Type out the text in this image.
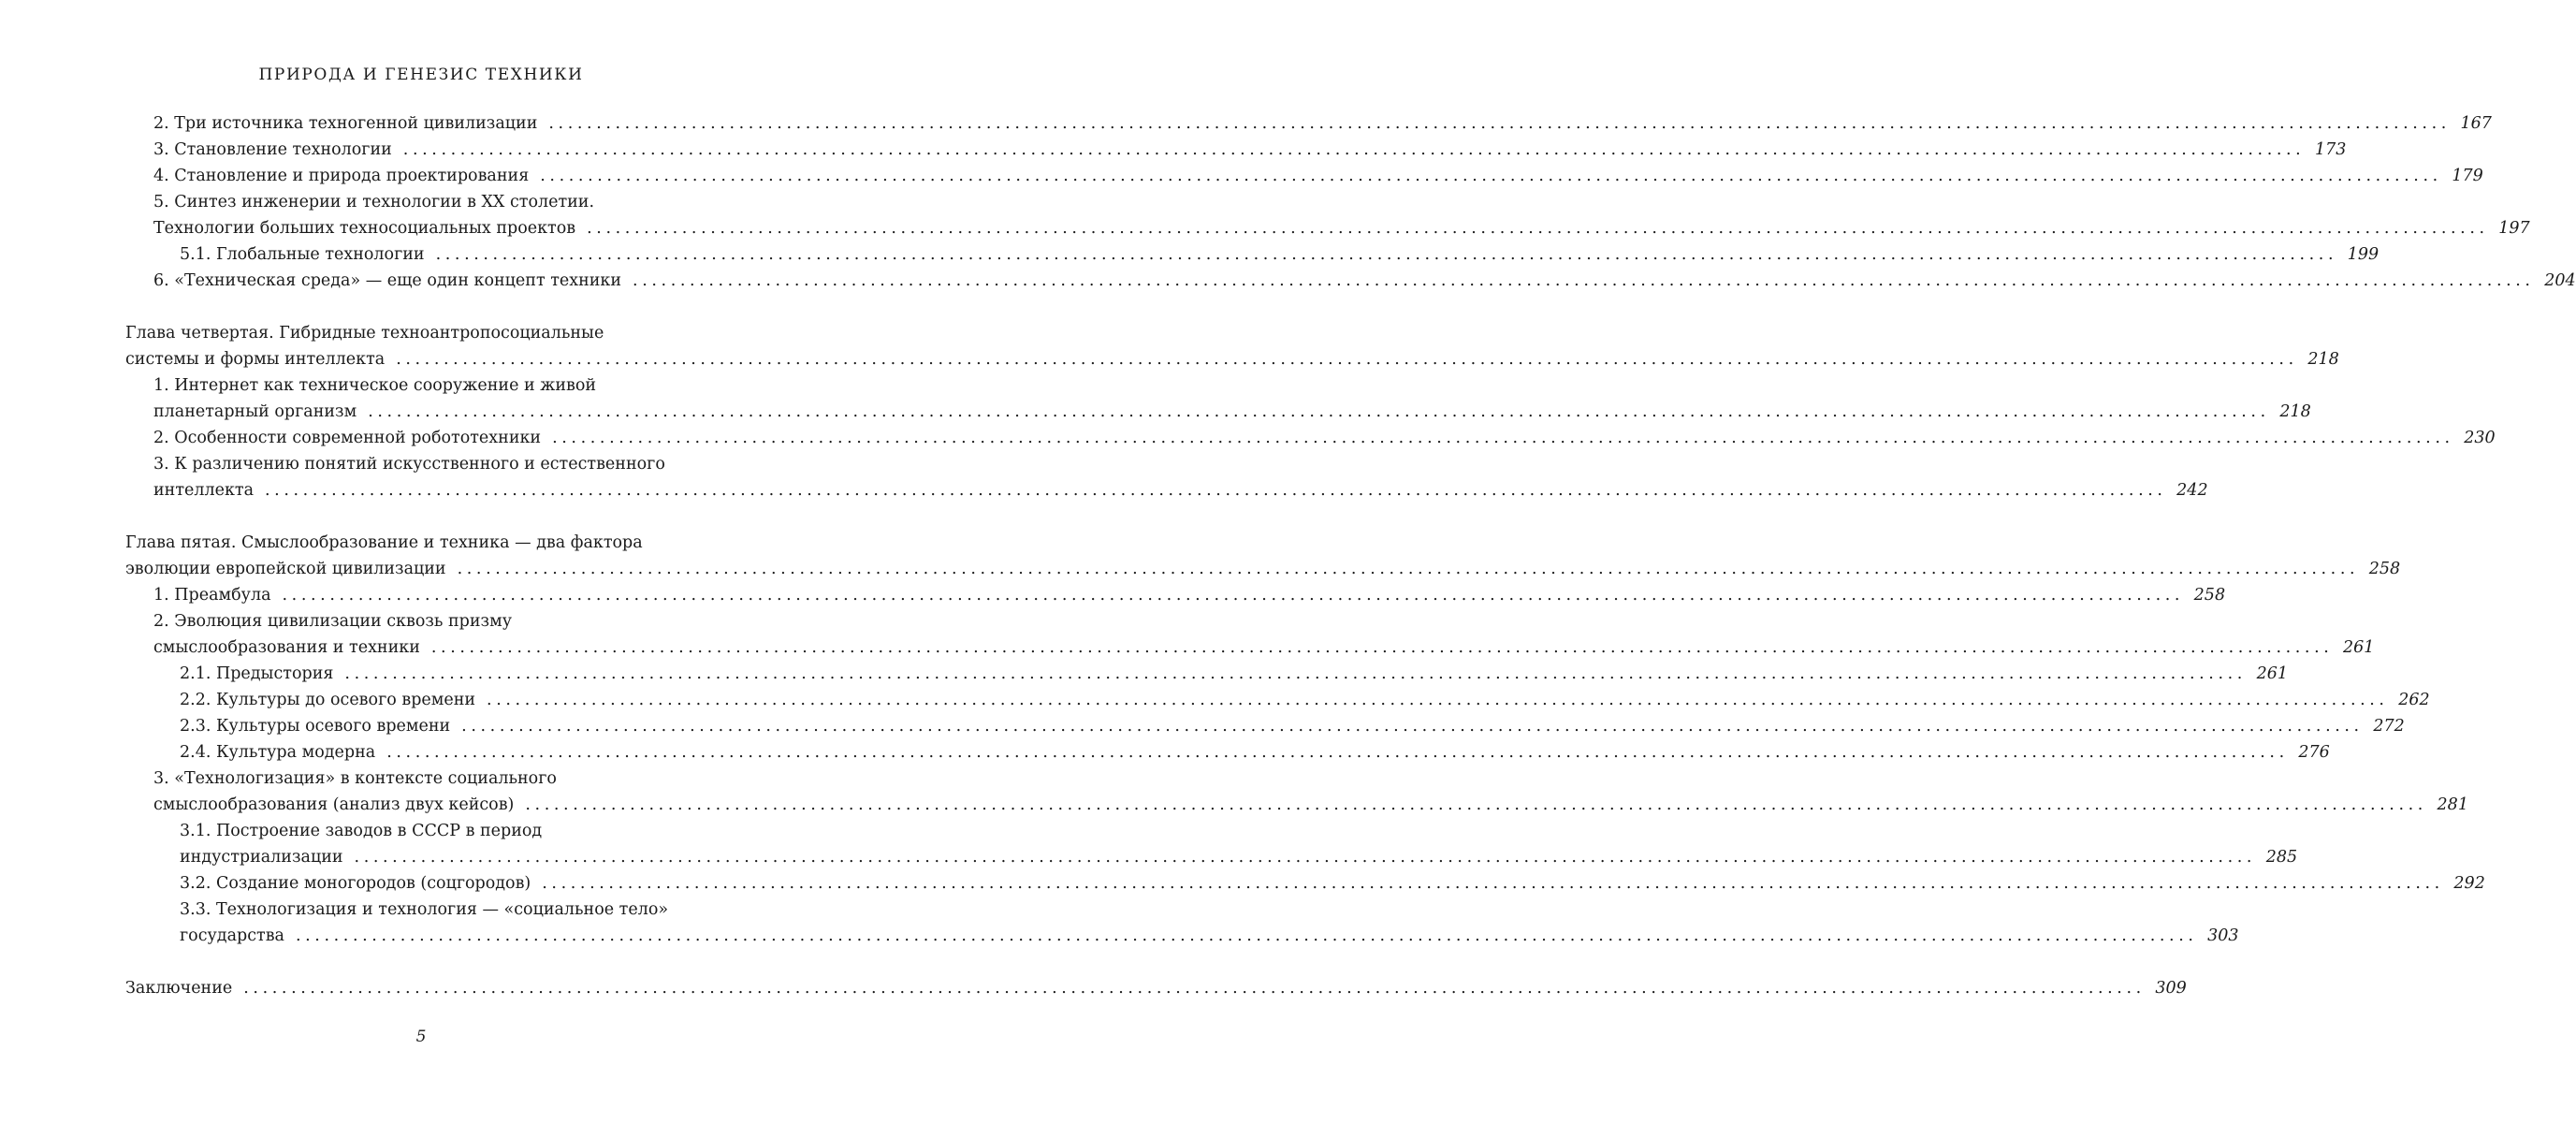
ПРИРОДА И ГЕНЕЗИС ТЕХНИКИ
2. Три источника техногенной цивилизации ........................................................................................................................................................................................................ 167
3. Становление технологии ........................................................................................................................................................................................................ 173
4. Становление и природа проектирования ........................................................................................................................................................................................................ 179
5. Синтез инженерии и технологии в XX столетии.
Технологии больших техносоциальных проектов ........................................................................................................................................................................................................ 197
5.1. Глобальные технологии ........................................................................................................................................................................................................ 199
6. «Техническая среда» — еще один концепт техники ........................................................................................................................................................................................................ 204
Глава четвертая. Гибридные техноантропосоциальные
системы и формы интеллекта ........................................................................................................................................................................................................ 218
1. Интернет как техническое сооружение и живой
планетарный организм ........................................................................................................................................................................................................ 218
2. Особенности современной робототехники ........................................................................................................................................................................................................ 230
3. К различению понятий искусственного и естественного
интеллекта ........................................................................................................................................................................................................ 242
Глава пятая. Смыслообразование и техника — два фактора
эволюции европейской цивилизации ........................................................................................................................................................................................................ 258
1. Преамбула ........................................................................................................................................................................................................ 258
2. Эволюция цивилизации сквозь призму
смыслообразования и техники ........................................................................................................................................................................................................ 261
2.1. Предыстория ........................................................................................................................................................................................................ 261
2.2. Культуры до осевого времени ........................................................................................................................................................................................................ 262
2.3. Культуры осевого времени ........................................................................................................................................................................................................ 272
2.4. Культура модерна ........................................................................................................................................................................................................ 276
3. «Технологизация» в контексте социального
смыслообразования (анализ двух кейсов) ........................................................................................................................................................................................................ 281
3.1. Построение заводов в СССР в период
индустриализации ........................................................................................................................................................................................................ 285
3.2. Создание моногородов (соцгородов) ........................................................................................................................................................................................................ 292
3.3. Технологизация и технология — «социальное тело»
государства ........................................................................................................................................................................................................ 303
Заключение ........................................................................................................................................................................................................ 309
5
